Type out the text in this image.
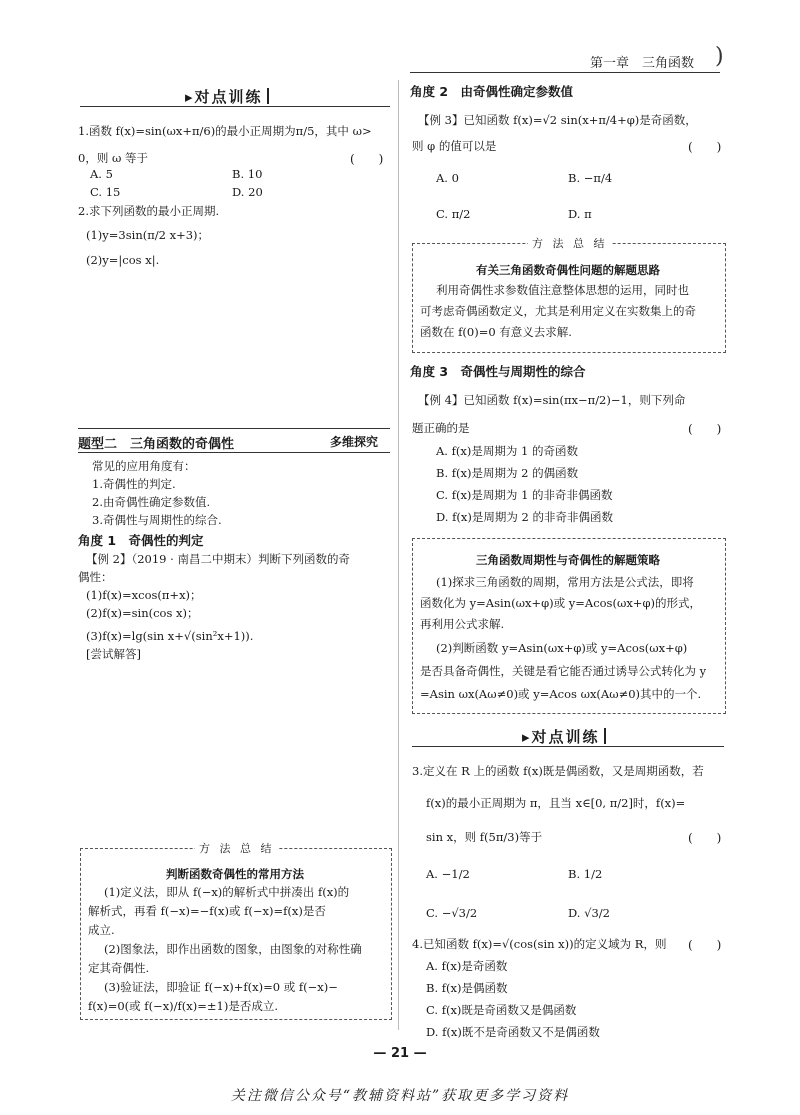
第一章　三角函数 )
▸对点训练
1.函数 f(x)=sin(ωx+π/6)的最小正周期为π/5，其中 ω>
0，则 ω 等于	(　　)
A. 5	B. 10
C. 15	D. 20
2.求下列函数的最小正周期.
(1)y=3sin(π/2 x+3)；
(2)y=|cos x|.
题型二　三角函数的奇偶性	多维探究
常见的应用角度有：
1.奇偶性的判定.
2.由奇偶性确定参数值.
3.奇偶性与周期性的综合.
角度 1　奇偶性的判定
【例 2】（2019 · 南昌二中期末）判断下列函数的奇
偶性：
(1)f(x)=xcos(π+x)；
(2)f(x)=sin(cos x)；
(3)f(x)=lg(sin x+√(sin²x+1)).
[尝试解答]
方 法 总 结
判断函数奇偶性的常用方法
(1)定义法，即从 f(−x)的解析式中拼凑出 f(x)的
解析式，再看 f(−x)=−f(x)或 f(−x)=f(x)是否
成立.
(2)图象法，即作出函数的图象，由图象的对称性确
定其奇偶性.
(3)验证法，即验证 f(−x)+f(x)=0 或 f(−x)−
f(x)=0(或 f(−x)/f(x)=±1)是否成立.
角度 2　由奇偶性确定参数值
【例 3】已知函数 f(x)=√2 sin(x+π/4+φ)是奇函数，
则 φ 的值可以是	(　　)
A. 0	B. −π/4
C. π/2	D. π
方 法 总 结
有关三角函数奇偶性问题的解题思路
利用奇偶性求参数值注意整体思想的运用，同时也
可考虑奇偶函数定义，尤其是利用定义在实数集上的奇
函数在 f(0)=0 有意义去求解.
角度 3　奇偶性与周期性的综合
【例 4】已知函数 f(x)=sin(πx−π/2)−1，则下列命
题正确的是	(　　)
A. f(x)是周期为 1 的奇函数
B. f(x)是周期为 2 的偶函数
C. f(x)是周期为 1 的非奇非偶函数
D. f(x)是周期为 2 的非奇非偶函数
三角函数周期性与奇偶性的解题策略
(1)探求三角函数的周期，常用方法是公式法，即将
函数化为 y=Asin(ωx+φ)或 y=Acos(ωx+φ)的形式，
再利用公式求解.
(2)判断函数 y=Asin(ωx+φ)或 y=Acos(ωx+φ)
是否具备奇偶性，关键是看它能否通过诱导公式转化为 y
=Asin ωx(Aω≠0)或 y=Acos ωx(Aω≠0)其中的一个.
▸对点训练
3.定义在 R 上的函数 f(x)既是偶函数，又是周期函数，若
f(x)的最小正周期为 π，且当 x∈[0, π/2]时，f(x)=
sin x，则 f(5π/3)等于	(　　)
A. −1/2	B. 1/2
C. −√3/2	D. √3/2
4.已知函数 f(x)=√(cos(sin x))的定义域为 R，则 (　　)
A. f(x)是奇函数
B. f(x)是偶函数
C. f(x)既是奇函数又是偶函数
D. f(x)既不是奇函数又不是偶函数
— 21 —
关注微信公众号“教辅资料站”获取更多学习资料
